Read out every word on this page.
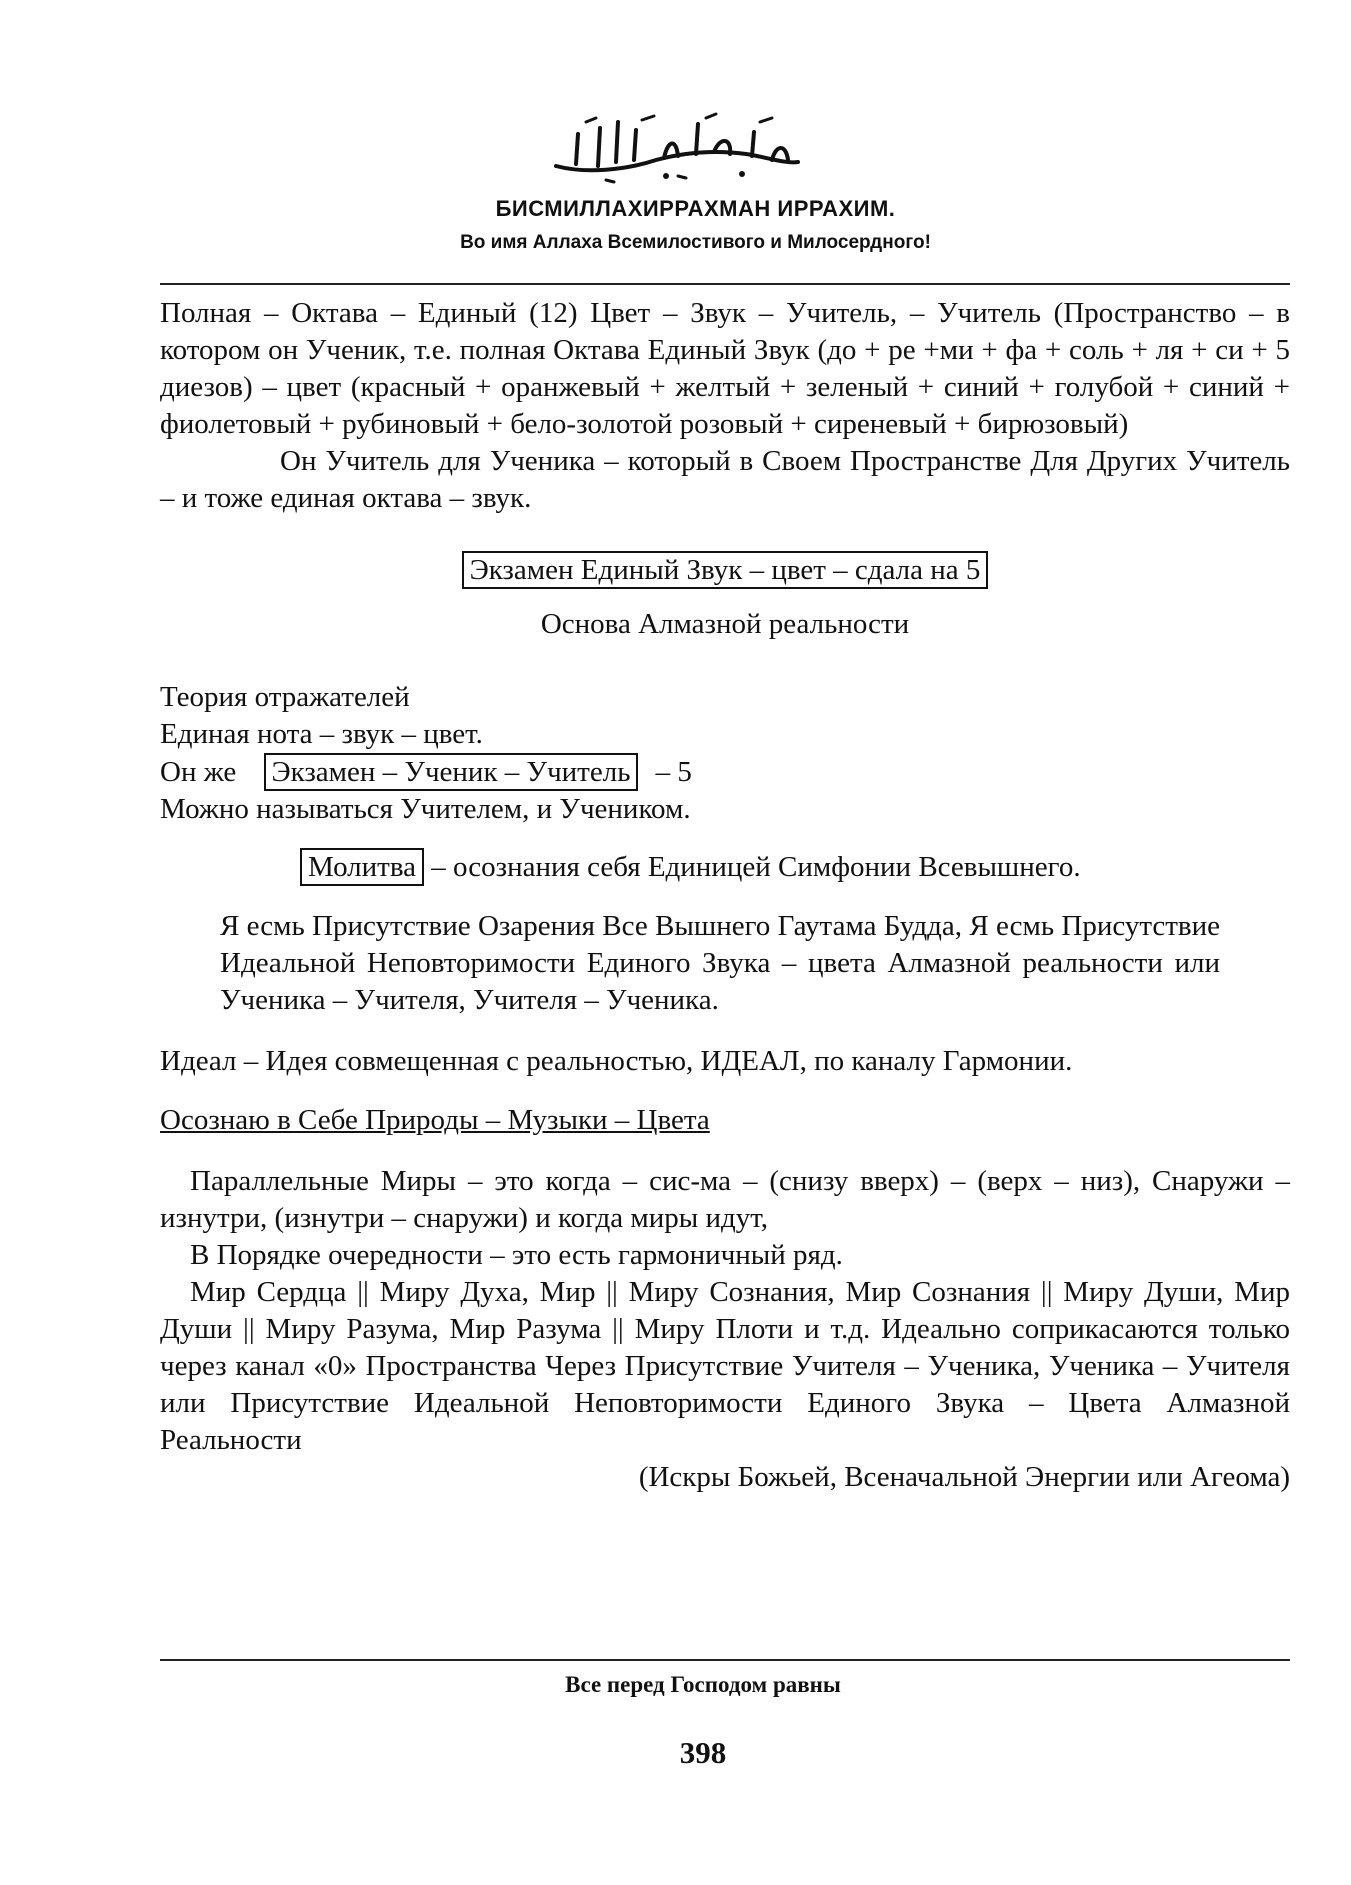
БИСМИЛЛАХИРРАХМАН ИРРАХИМ.
Во имя Аллаха Всемилостивого и Милосердного!

Полная – Октава – Единый (12) Цвет – Звук – Учитель, – Учитель (Пространство – в котором он Ученик, т.е. полная Октава Единый Звук (до + ре +ми + фа + соль + ля + си + 5 диезов) – цвет (красный + оранжевый + желтый + зеленый + синий + голубой + синий + фиолетовый + рубиновый + бело-золотой розовый + сиреневый + бирюзовый)

Он Учитель для Ученика – который в Своем Пространстве Для Других Учитель – и тоже единая октава – звук.

Экзамен Единый Звук – цвет – сдала на 5

Основа Алмазной реальности

Теория отражателей

Единая нота – звук – цвет.

Он же Экзамен – Ученик – Учитель – 5

Можно называться Учителем, и Учеником.

Молитва – осознания себя Единицей Симфонии Всевышнего.

Я есмь Присутствие Озарения Все Вышнего Гаутама Будда, Я есмь Присутствие Идеальной Неповторимости Единого Звука – цвета Алмазной реальности или Ученика – Учителя, Учителя – Ученика.

Идеал – Идея совмещенная с реальностью, ИДЕАЛ, по каналу Гармонии.

Осознаю в Себе Природы – Музыки – Цвета

Параллельные Миры – это когда – сис-ма – (снизу вверх) – (верх – низ), Снаружи – изнутри, (изнутри – снаружи) и когда миры идут,

В Порядке очередности – это есть гармоничный ряд.

Мир Сердца || Миру Духа, Мир || Миру Сознания, Мир Сознания || Миру Души, Мир Души || Миру Разума, Мир Разума || Миру Плоти и т.д. Идеально соприкасаются только через канал «0» Пространства Через Присутствие Учителя – Ученика, Ученика – Учителя или Присутствие Идеальной Неповторимости Единого Звука – Цвета Алмазной Реальности

(Искры Божьей, Всеначальной Энергии или Агеома)

Все перед Господом равны
398
